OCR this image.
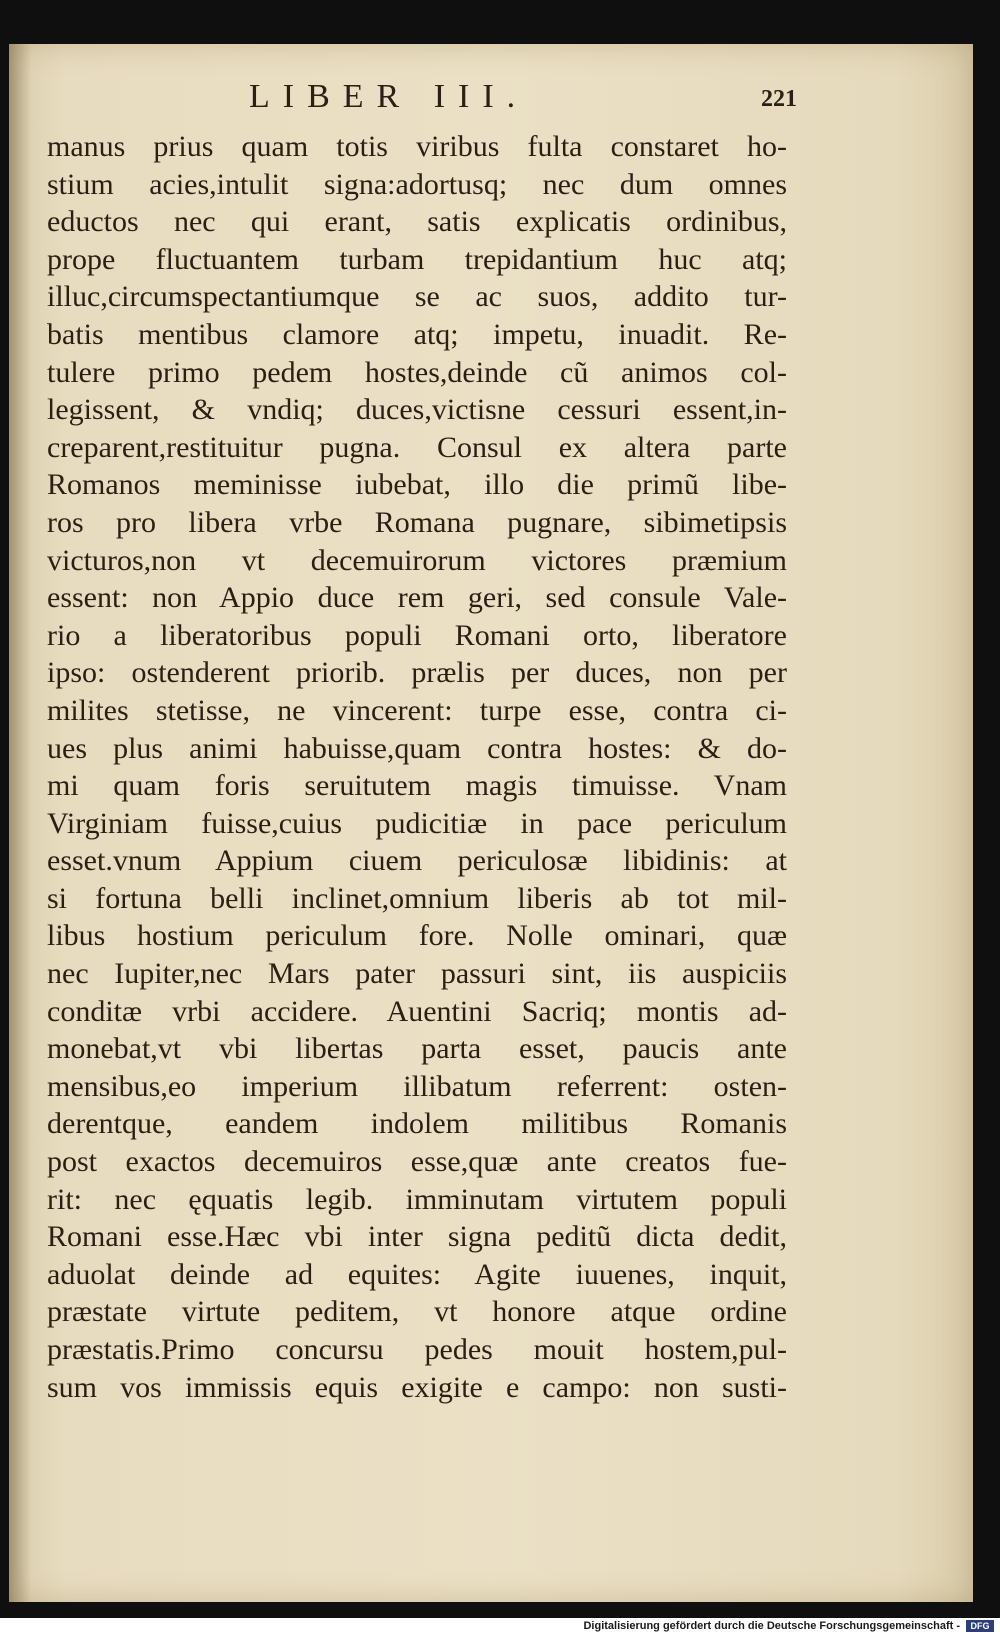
LIBER III.	221
manus prius quam totis viribus fulta constaret ho-
stium acies,intulit signa:adortusq; nec dum omnes
eductos nec qui erant, satis explicatis ordinibus,
prope fluctuantem turbam trepidantium huc atq;
illuc,circumspectantiumque se ac suos, addito tur-
batis mentibus clamore atq; impetu, inuadit. Re-
tulere primo pedem hostes,deinde cũ animos col-
legissent, & vndiq; duces,victisne cessuri essent,in-
creparent,restituitur pugna. Consul ex altera parte
Romanos meminisse iubebat, illo die primũ libe-
ros pro libera vrbe Romana pugnare, sibimetipsis
victuros,non vt decemuirorum victores præmium
essent: non Appio duce rem geri, sed consule Vale-
rio a liberatoribus populi Romani orto, liberatore
ipso: ostenderent priorib. prælis per duces, non per
milites stetisse, ne vincerent: turpe esse, contra ci-
ues plus animi habuisse,quam contra hostes: & do-
mi quam foris seruitutem magis timuisse. Vnam
Virginiam fuisse,cuius pudicitiæ in pace periculum
esset.vnum Appium ciuem periculosæ libidinis: at
si fortuna belli inclinet,omnium liberis ab tot mil-
libus hostium periculum fore. Nolle ominari, quæ
nec Iupiter,nec Mars pater passuri sint, iis auspiciis
conditæ vrbi accidere. Auentini Sacriq; montis ad-
monebat,vt vbi libertas parta esset, paucis ante
mensibus,eo imperium illibatum referrent: osten-
derentque, eandem indolem militibus Romanis
post exactos decemuiros esse,quæ ante creatos fue-
rit: nec ęquatis legib. imminutam virtutem populi
Romani esse.Hæc vbi inter signa peditũ dicta dedit,
aduolat deinde ad equites: Agite iuuenes, inquit,
præstate virtute peditem, vt honore atque ordine
præstatis.Primo concursu pedes mouit hostem,pul-
sum vos immissis equis exigite e campo: non susti-
Digitalisierung gefördert durch die Deutsche Forschungsgemeinschaft -	DFG
